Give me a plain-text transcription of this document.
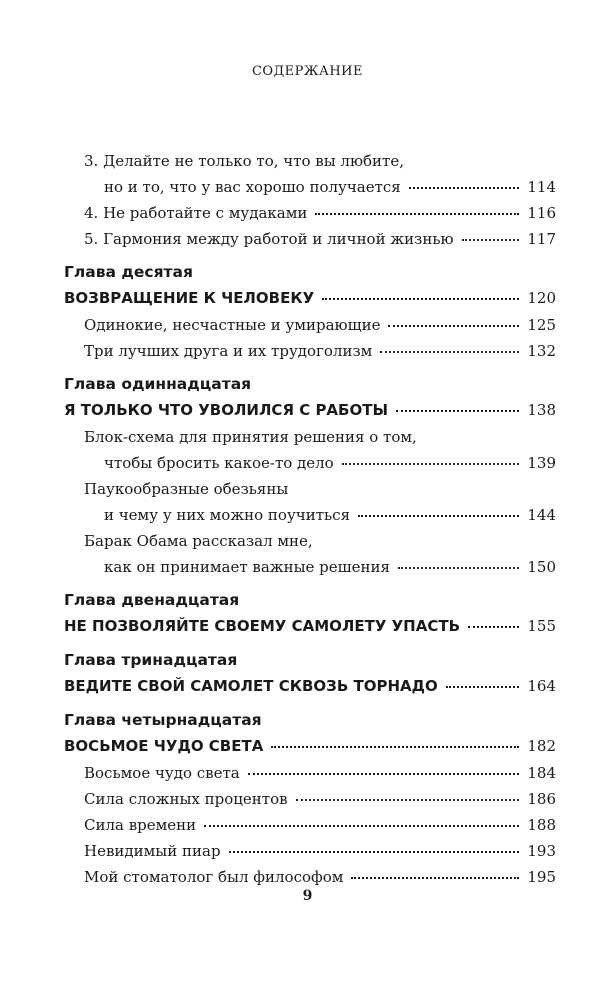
СОДЕРЖАНИЕ
3. Делайте не только то, что вы любите,
но и то, что у вас хорошо получается	114
4. Не работайте с мудаками	116
5. Гармония между работой и личной жизнью	117
Глава десятая
ВОЗВРАЩЕНИЕ К ЧЕЛОВЕКУ	120
Одинокие, несчастные и умирающие	125
Три лучших друга и их трудоголизм	132
Глава одиннадцатая
Я ТОЛЬКО ЧТО УВОЛИЛСЯ С РАБОТЫ	138
Блок-схема для принятия решения о том,
чтобы бросить какое-то дело	139
Паукообразные обезьяны
и чему у них можно поучиться	144
Барак Обама рассказал мне,
как он принимает важные решения	150
Глава двенадцатая
НЕ ПОЗВОЛЯЙТЕ СВОЕМУ САМОЛЕТУ УПАСТЬ	155
Глава тринадцатая
ВЕДИТЕ СВОЙ САМОЛЕТ СКВОЗЬ ТОРНАДО	164
Глава четырнадцатая
ВОСЬМОЕ ЧУДО СВЕТА	182
Восьмое чудо света	184
Сила сложных процентов	186
Сила времени	188
Невидимый пиар	193
Мой стоматолог был философом	195
9
